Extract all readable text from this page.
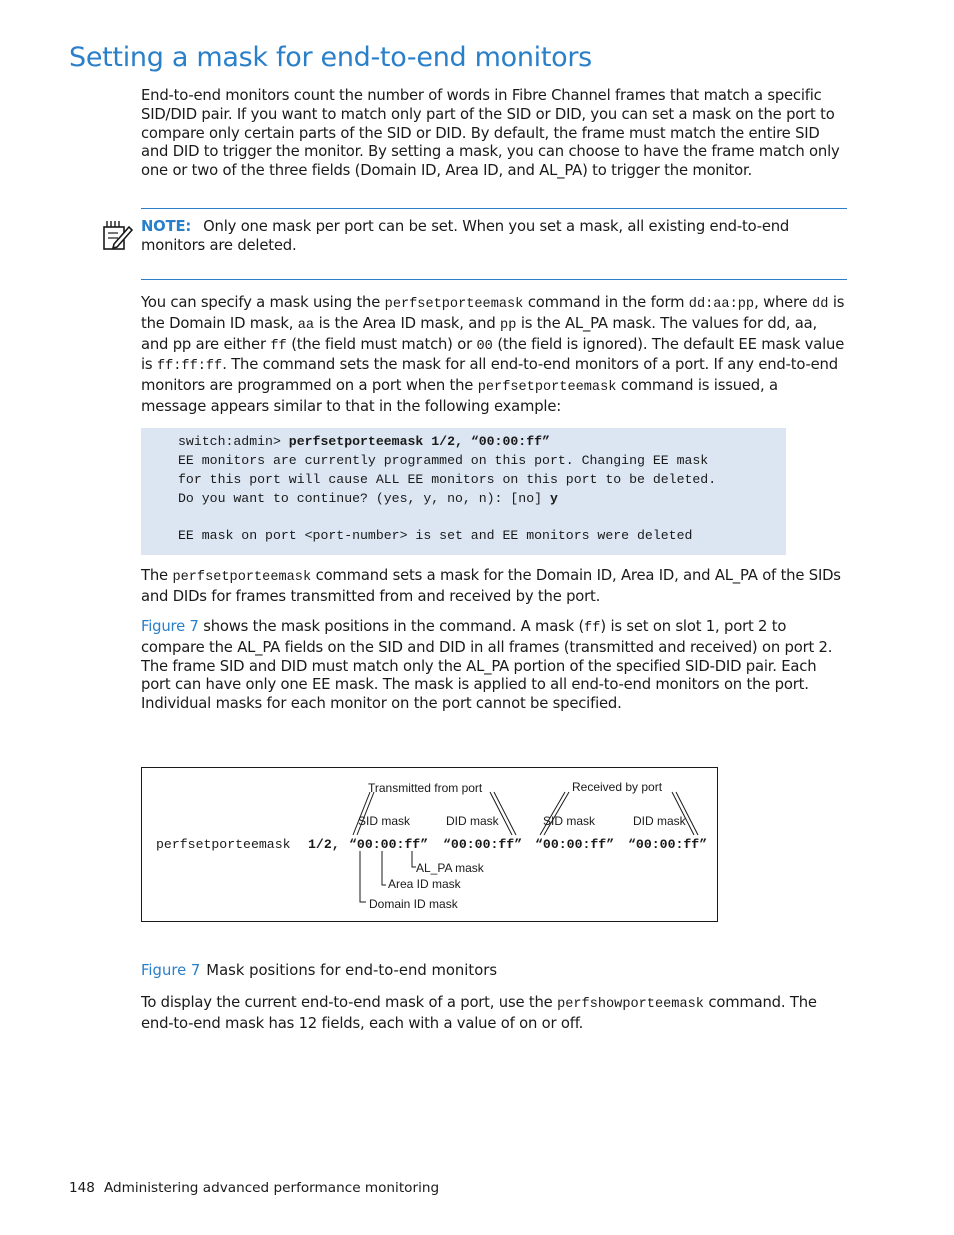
Setting a mask for end-to-end monitors

End-to-end monitors count the number of words in Fibre Channel frames that match a specific SID/DID pair. If you want to match only part of the SID or DID, you can set a mask on the port to compare only certain parts of the SID or DID. By default, the frame must match the entire SID and DID to trigger the monitor. By setting a mask, you can choose to have the frame match only one or two of the three fields (Domain ID, Area ID, and AL_PA) to trigger the monitor.

NOTE: Only one mask per port can be set. When you set a mask, all existing end-to-end monitors are deleted.

You can specify a mask using the perfsetporteemask command in the form dd:aa:pp, where dd is the Domain ID mask, aa is the Area ID mask, and pp is the AL_PA mask. The values for dd, aa, and pp are either ff (the field must match) or 00 (the field is ignored). The default EE mask value is ff:ff:ff. The command sets the mask for all end-to-end monitors of a port. If any end-to-end monitors are programmed on a port when the perfsetporteemask command is issued, a message appears similar to that in the following example:

switch:admin> perfsetporteemask 1/2, “00:00:ff”
EE monitors are currently programmed on this port. Changing EE mask
for this port will cause ALL EE monitors on this port to be deleted.
Do you want to continue? (yes, y, no, n): [no] y
EE mask on port <port-number> is set and EE monitors were deleted

The perfsetporteemask command sets a mask for the Domain ID, Area ID, and AL_PA of the SIDs and DIDs for frames transmitted from and received by the port.

Figure 7 shows the mask positions in the command. A mask (ff) is set on slot 1, port 2 to compare the AL_PA fields on the SID and DID in all frames (transmitted and received) on port 2. The frame SID and DID must match only the AL_PA portion of the specified SID-DID pair. Each port can have only one EE mask. The mask is applied to all end-to-end monitors on the port. Individual masks for each monitor on the port cannot be specified.

perfsetporteemask 1/2, “00:00:ff” “00:00:ff” “00:00:ff” “00:00:ff”
Transmitted from port	Received by port
SID mask	DID mask	SID mask	DID mask
AL_PA mask
Area ID mask
Domain ID mask

Figure 7 Mask positions for end-to-end monitors

To display the current end-to-end mask of a port, use the perfshowporteemask command. The end-to-end mask has 12 fields, each with a value of on or off.

148 Administering advanced performance monitoring
